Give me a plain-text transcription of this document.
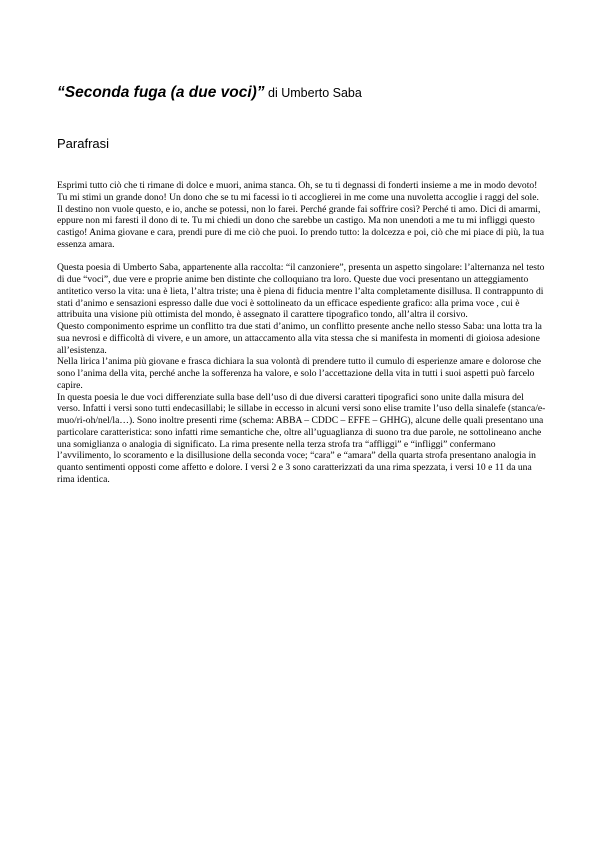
“Seconda fuga (a due voci)” di Umberto Saba
Parafrasi

Esprimi tutto ciò che ti rimane di dolce e muori, anima stanca. Oh, se tu ti degnassi di fonderti insieme a me in modo devoto! Tu mi stimi un grande dono! Un dono che se tu mi facessi io ti accoglierei in me come una nuvoletta accoglie i raggi del sole. Il destino non vuole questo, e io, anche se potessi, non lo farei. Perché grande fai soffrire così? Perché ti amo. Dici di amarmi, eppure non mi faresti il dono di te. Tu mi chiedi un dono che sarebbe un castigo. Ma non unendoti a me tu mi infliggi questo castigo! Anima giovane e cara, prendi pure di me ciò che puoi. Io prendo tutto: la dolcezza e poi, ciò che mi piace di più, la tua essenza amara.

Questa poesia di Umberto Saba, appartenente alla raccolta: “il canzoniere”, presenta un aspetto singolare: l’alternanza nel testo di due “voci”, due vere e proprie anime ben distinte che colloquiano tra loro. Queste due voci presentano un atteggiamento antitetico verso la vita: una è lieta, l’altra triste; una è piena di fiducia mentre l’alta completamente disillusa. Il contrappunto di stati d’animo e sensazioni espresso dalle due voci è sottolineato da un efficace espediente grafico: alla prima voce , cui è attribuita una visione più ottimista del mondo, è assegnato il carattere tipografico tondo, all’altra il corsivo.

Questo componimento esprime un conflitto tra due stati d’animo, un conflitto presente anche nello stesso Saba: una lotta tra la sua nevrosi e difficoltà di vivere, e un amore, un attaccamento alla vita stessa che si manifesta in momenti di gioiosa adesione all’esistenza.

Nella lirica l’anima più giovane e frasca dichiara la sua volontà di prendere tutto il cumulo di esperienze amare e dolorose che sono l’anima della vita, perché anche la sofferenza ha valore, e solo l’accettazione della vita in tutti i suoi aspetti può farcelo capire.

In questa poesia le due voci differenziate sulla base dell’uso di due diversi caratteri tipografici sono unite dalla misura del verso. Infatti i versi sono tutti endecasillabi; le sillabe in eccesso in alcuni versi sono elise tramite l’uso della sinalefe (stanca/e-muo/ri-oh/nel/la…). Sono inoltre presenti rime (schema: ABBA – CDDC – EFFE – GHHG), alcune delle quali presentano una particolare caratteristica: sono infatti rime semantiche che, oltre all’uguaglianza di suono tra due parole, ne sottolineano anche una somiglianza o analogia di significato. La rima presente nella terza strofa tra “affliggi” e “infliggi” confermano l’avvilimento, lo scoramento e la disillusione della seconda voce; “cara” e “amara” della quarta strofa presentano analogia in quanto sentimenti opposti come affetto e dolore. I versi 2 e 3 sono caratterizzati da una rima spezzata, i versi 10 e 11 da una rima identica.
